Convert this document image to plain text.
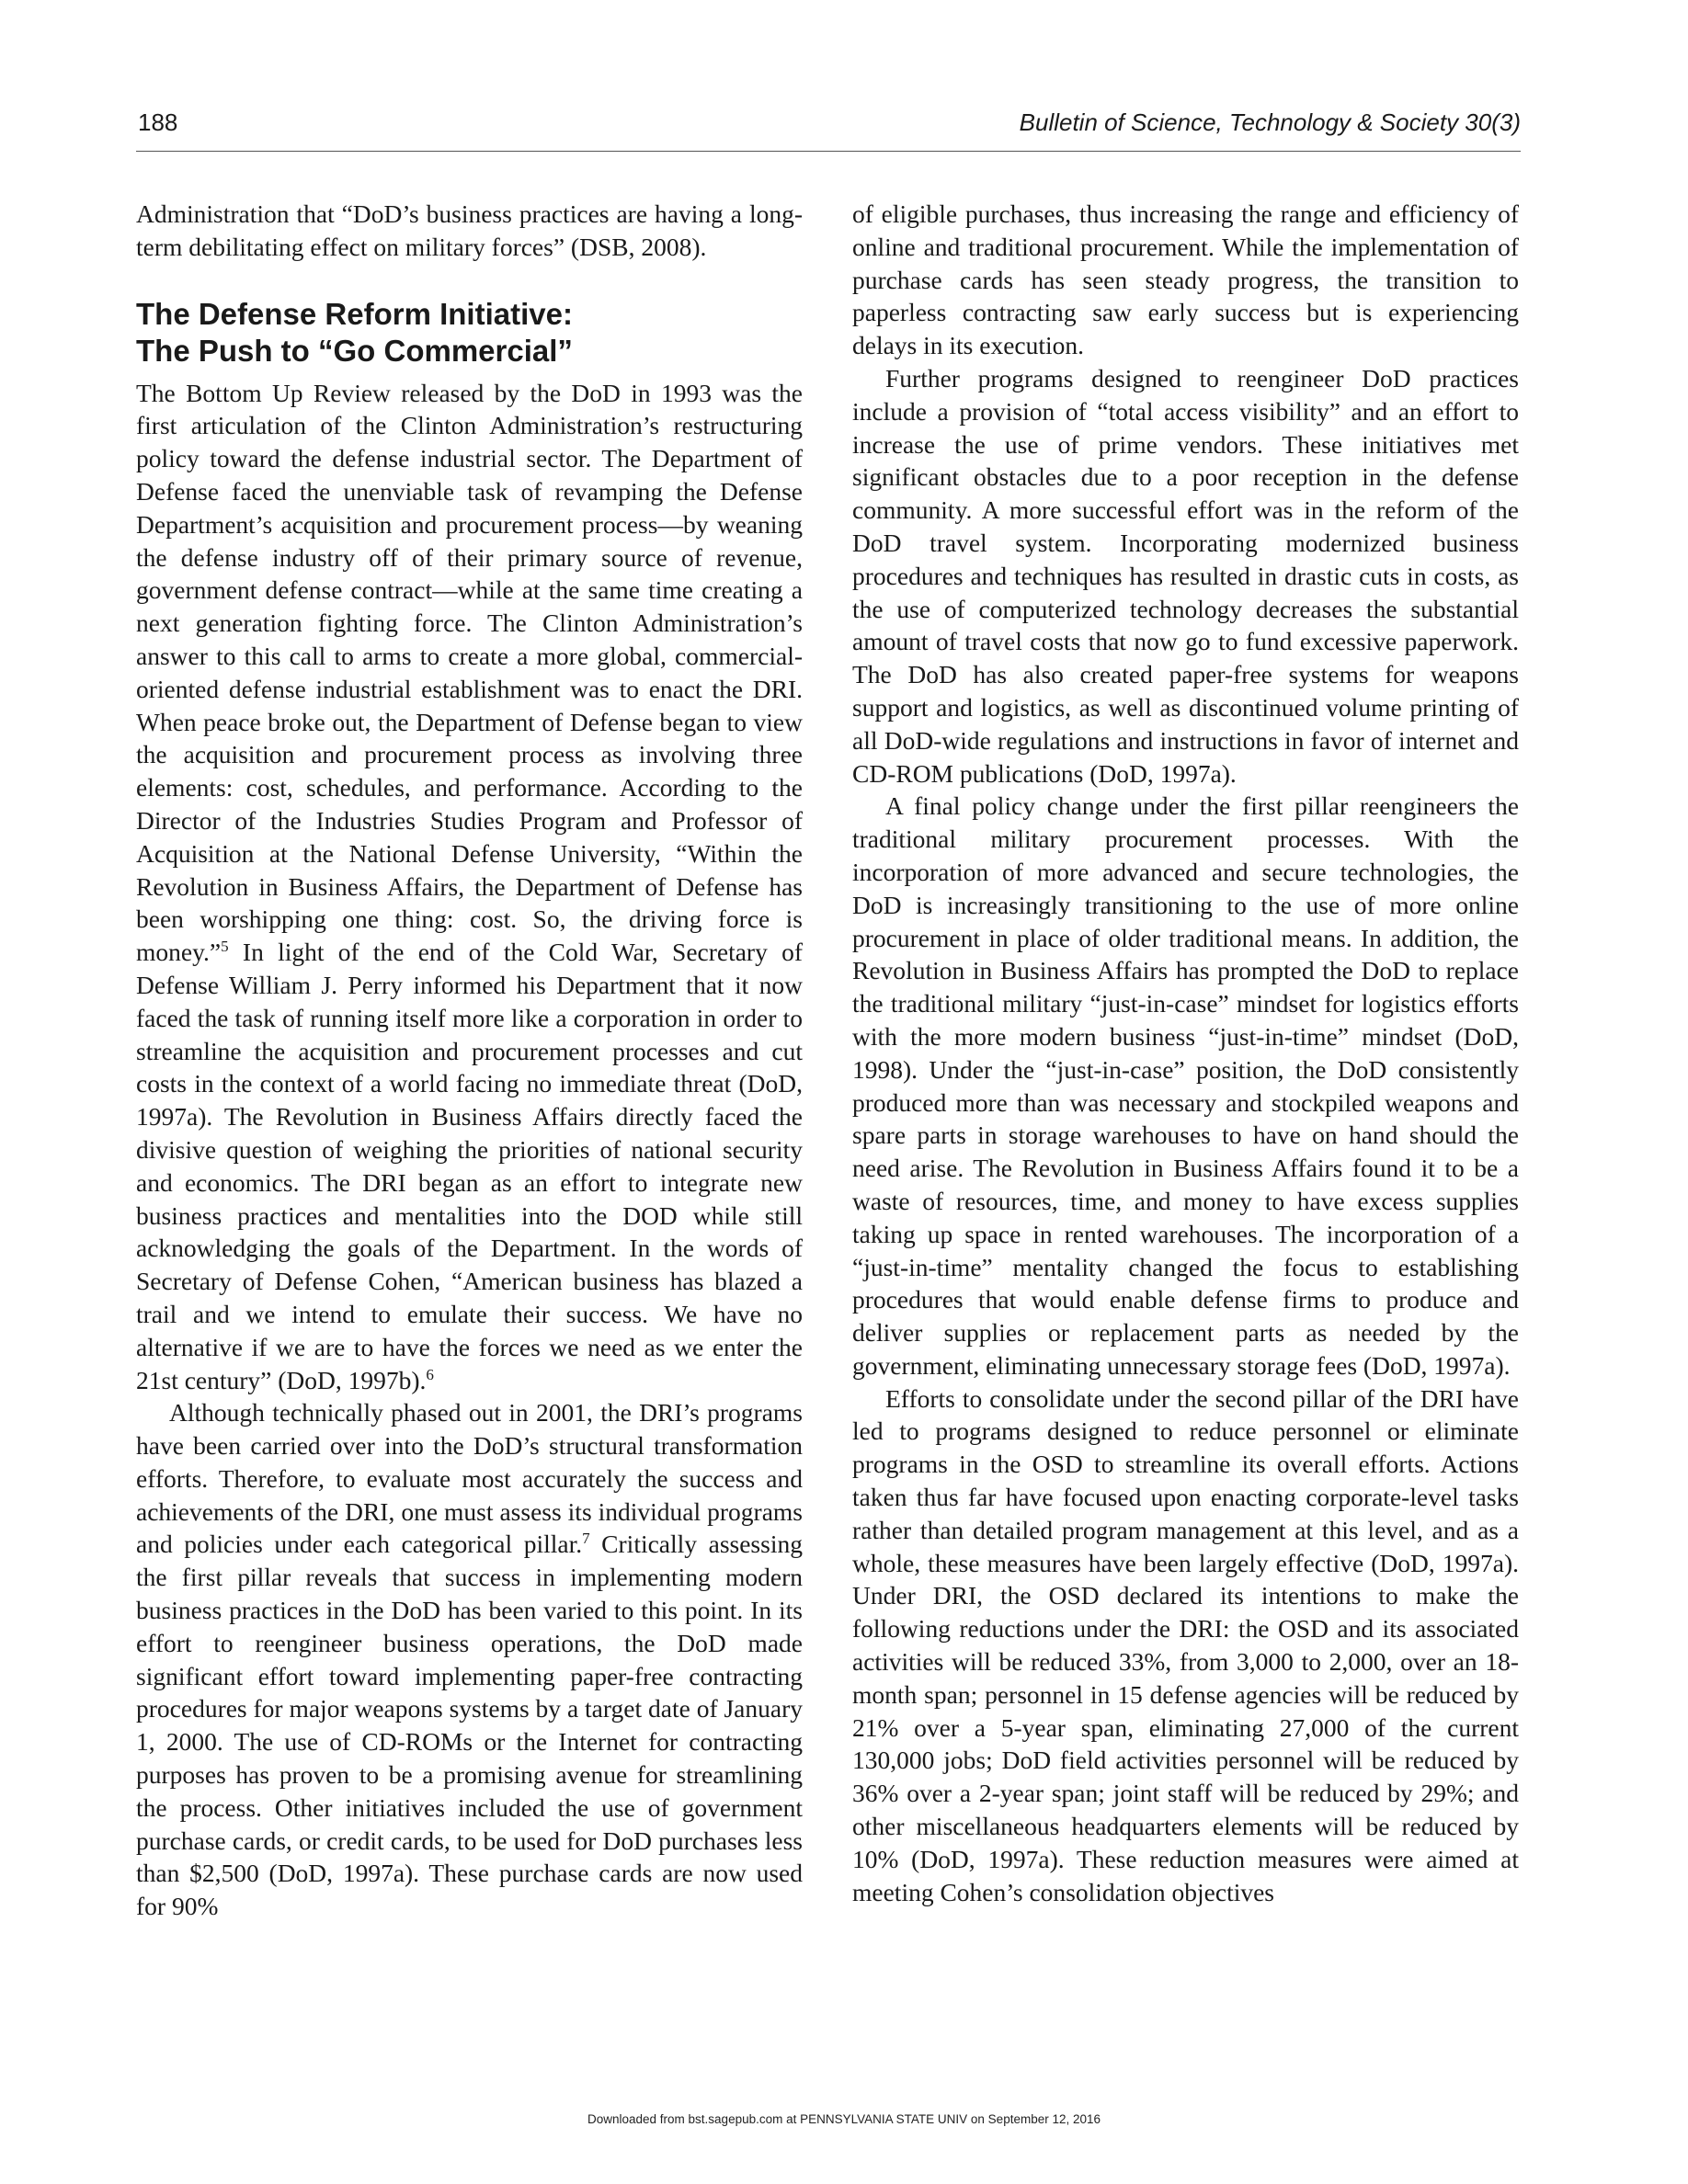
188	Bulletin of Science, Technology & Society 30(3)

Administration that “DoD’s business practices are having a long-term debilitating effect on military forces” (DSB, 2008).

The Defense Reform Initiative:
The Push to “Go Commercial”

The Bottom Up Review released by the DoD in 1993 was the first articulation of the Clinton Administration’s restructuring policy toward the defense industrial sector. The Department of Defense faced the unenviable task of revamping the Defense Department’s acquisition and procurement process—by weaning the defense industry off of their primary source of revenue, government defense contract—while at the same time creating a next generation fighting force. The Clinton Administration’s answer to this call to arms to create a more global, commercial-oriented defense industrial establishment was to enact the DRI. When peace broke out, the Department of Defense began to view the acquisition and procurement process as involving three elements: cost, schedules, and performance. According to the Director of the Industries Studies Program and Professor of Acquisition at the National Defense University, “Within the Revolution in Business Affairs, the Department of Defense has been worshipping one thing: cost. So, the driving force is money.”$^5$ In light of the end of the Cold War, Secretary of Defense William J. Perry informed his Department that it now faced the task of running itself more like a corporation in order to streamline the acquisition and procurement processes and cut costs in the context of a world facing no immediate threat (DoD, 1997a). The Revolution in Business Affairs directly faced the divisive question of weighing the priorities of national security and economics. The DRI began as an effort to integrate new business practices and mentalities into the DOD while still acknowledging the goals of the Department. In the words of Secretary of Defense Cohen, “American business has blazed a trail and we intend to emulate their success. We have no alternative if we are to have the forces we need as we enter the 21st century” (DoD, 1997b).$^6$

Although technically phased out in 2001, the DRI’s programs have been carried over into the DoD’s structural transformation efforts. Therefore, to evaluate most accurately the success and achievements of the DRI, one must assess its individual programs and policies under each categorical pillar.$^7$ Critically assessing the first pillar reveals that success in implementing modern business practices in the DoD has been varied to this point. In its effort to reengineer business operations, the DoD made significant effort toward implementing paper-free contracting procedures for major weapons systems by a target date of January 1, 2000. The use of CD-ROMs or the Internet for contracting purposes has proven to be a promising avenue for streamlining the process. Other initiatives included the use of government purchase cards, or credit cards, to be used for DoD purchases less than $2,500 (DoD, 1997a). These purchase cards are now used for 90%

of eligible purchases, thus increasing the range and efficiency of online and traditional procurement. While the implementation of purchase cards has seen steady progress, the transition to paperless contracting saw early success but is experiencing delays in its execution.

Further programs designed to reengineer DoD practices include a provision of “total access visibility” and an effort to increase the use of prime vendors. These initiatives met significant obstacles due to a poor reception in the defense community. A more successful effort was in the reform of the DoD travel system. Incorporating modernized business procedures and techniques has resulted in drastic cuts in costs, as the use of computerized technology decreases the substantial amount of travel costs that now go to fund excessive paperwork. The DoD has also created paper-free systems for weapons support and logistics, as well as discontinued volume printing of all DoD-wide regulations and instructions in favor of internet and CD-ROM publications (DoD, 1997a).

A final policy change under the first pillar reengineers the traditional military procurement processes. With the incorporation of more advanced and secure technologies, the DoD is increasingly transitioning to the use of more online procurement in place of older traditional means. In addition, the Revolution in Business Affairs has prompted the DoD to replace the traditional military “just-in-case” mindset for logistics efforts with the more modern business “just-in-time” mindset (DoD, 1998). Under the “just-in-case” position, the DoD consistently produced more than was necessary and stockpiled weapons and spare parts in storage warehouses to have on hand should the need arise. The Revolution in Business Affairs found it to be a waste of resources, time, and money to have excess supplies taking up space in rented warehouses. The incorporation of a “just-in-time” mentality changed the focus to establishing procedures that would enable defense firms to produce and deliver supplies or replacement parts as needed by the government, eliminating unnecessary storage fees (DoD, 1997a).

Efforts to consolidate under the second pillar of the DRI have led to programs designed to reduce personnel or eliminate programs in the OSD to streamline its overall efforts. Actions taken thus far have focused upon enacting corporate-level tasks rather than detailed program management at this level, and as a whole, these measures have been largely effective (DoD, 1997a). Under DRI, the OSD declared its intentions to make the following reductions under the DRI: the OSD and its associated activities will be reduced 33%, from 3,000 to 2,000, over an 18-month span; personnel in 15 defense agencies will be reduced by 21% over a 5-year span, eliminating 27,000 of the current 130,000 jobs; DoD field activities personnel will be reduced by 36% over a 2-year span; joint staff will be reduced by 29%; and other miscellaneous headquarters elements will be reduced by 10% (DoD, 1997a). These reduction measures were aimed at meeting Cohen’s consolidation objectives

Downloaded from bst.sagepub.com at PENNSYLVANIA STATE UNIV on September 12, 2016
